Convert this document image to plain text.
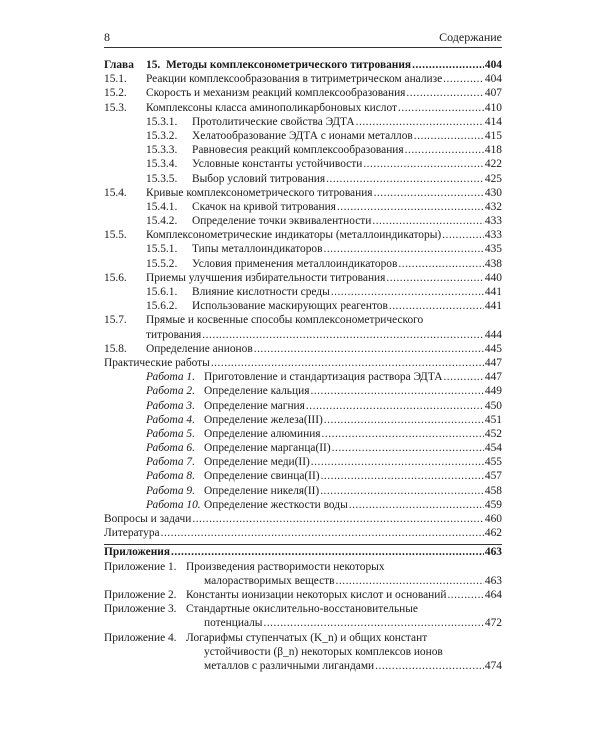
8	Содержание
Глава	15. Методы комплексонометрического титрования .....	404
15.1. Реакции комплексообразования в титриметрическом анализе .....	404
15.2. Скорость и механизм реакций комплексообразования .....	407
15.3. Комплексоны класса аминополикарбоновых кислот .....	410
15.3.1. Протолитические свойства ЭДТА .....	414
15.3.2. Хелатообразование ЭДТА с ионами металлов .....	415
15.3.3. Равновесия реакций комплексообразования .....	418
15.3.4. Условные константы устойчивости .....	422
15.3.5. Выбор условий титрования .....	425
15.4. Кривые комплексонометрического титрования .....	430
15.4.1. Скачок на кривой титрования .....	432
15.4.2. Определение точки эквивалентности .....	433
15.5. Комплексонометрические индикаторы (металлоиндикаторы) .....	433
15.5.1. Типы металлоиндикаторов .....	435
15.5.2. Условия применения металлоиндикаторов .....	438
15.6. Приемы улучшения избирательности титрования .....	440
15.6.1. Влияние кислотности среды .....	441
15.6.2. Использование маскирующих реагентов .....	441
15.7. Прямые и косвенные способы комплексонометрического
титрования .....	444
15.8. Определение анионов .....	445
Практические работы .....	447
Работа 1. Приготовление и стандартизация раствора ЭДТА .....	447
Работа 2. Определение кальция .....	449
Работа 3. Определение магния .....	450
Работа 4. Определение железа(III) .....	451
Работа 5. Определение алюминия .....	452
Работа 6. Определение марганца(II) .....	454
Работа 7. Определение меди(II) .....	455
Работа 8. Определение свинца(II) .....	457
Работа 9. Определение никеля(II) .....	458
Работа 10. Определение жесткости воды .....	459
Вопросы и задачи .....	460
Литература .....	462
Приложения .....	463
Приложение 1. Произведения растворимости некоторых
малорастворимых веществ .....	463
Приложение 2. Константы ионизации некоторых кислот и оснований .....	464
Приложение 3. Стандартные окислительно-восстановительные
потенциалы .....	472
Приложение 4. Логарифмы ступенчатых (K_n) и общих констант
устойчивости (β_n) некоторых комплексов ионов
металлов с различными лигандами .....	474
